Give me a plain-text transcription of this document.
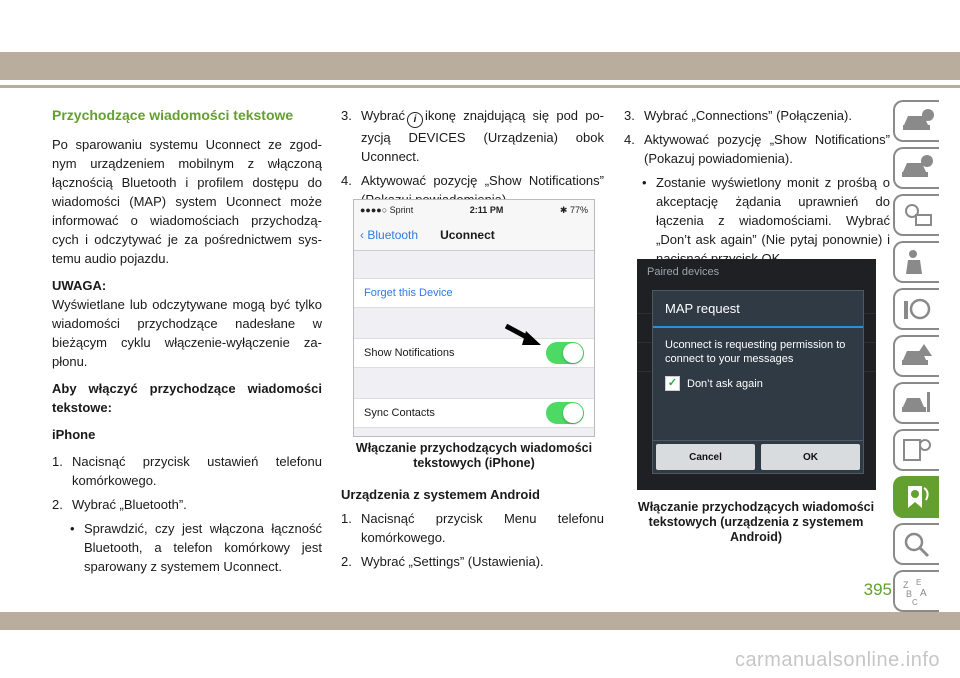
Przychodzące wiadomości tekstowe

Po sparowaniu systemu Uconnect ze zgod-nym urządzeniem mobilnym z włączoną łącznością Bluetooth i profilem dostępu do wiadomości (MAP) system Uconnect może informować o wiadomościach przychodzą-cych i odczytywać je za pośrednictwem sys-temu audio pojazdu.

UWAGA:

Wyświetlane lub odczytywane mogą być tylko wiadomości przychodzące nadesłane w bieżącym cyklu włączenie-wyłączenie za-płonu.

Aby włączyć przychodzące wiadomości tekstowe:

iPhone

1. Nacisnąć przycisk ustawień telefonu komórkowego.
2. Wybrać „Bluetooth”.
• Sprawdzić, czy jest włączona łączność Bluetooth, a telefon komórkowy jest sparowany z systemem Uconnect.
3. Wybrać i ikonę znajdującą się pod po-zycją DEVICES (Urządzenia) obok Uconnect.
4. Aktywować pozycję „Show Notifications”
●●●●○ Sprint	2:11 PM	✱ 77%
‹ Bluetooth Uconnect
Forget this Device
Show Notifications
Sync Contacts
Włączanie przychodzących wiadomości tekstowych (iPhone)

Urządzenia z systemem Android

1. Nacisnąć przycisk Menu telefonu komórkowego.
2. Wybrać „Settings” (Ustawienia).
3. Wybrać „Connections” (Połączenia).
4. Aktywować pozycję „Show Notifications” (Pokazuj powiadomienia).
• Zostanie wyświetlony monit z prośbą o akceptację żądania uprawnień do łączenia z wiadomościami. Wybrać „Don’t ask again” (Nie pytaj ponownie) i
Paired devices
MAP request
Uconnect is requesting permission to connect to your messages
✓ Don’t ask again
Cancel	OK
Włączanie przychodzących wiadomości tekstowych (urządzenia z systemem Android)
Z E
B A
C
395
carmanualsonline.info
